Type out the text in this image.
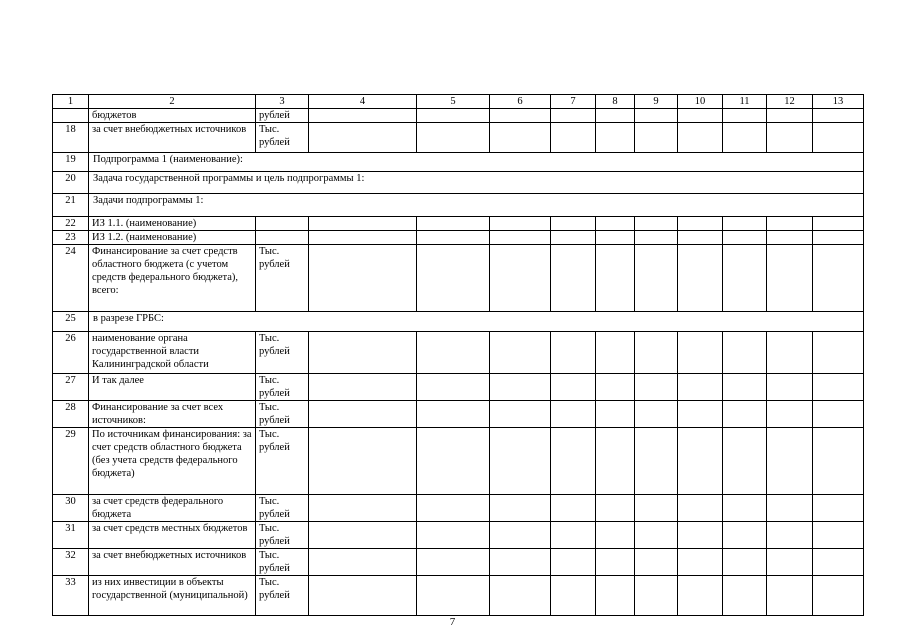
1	2	3	4	5	6	7	8	9	10	11	12	13
	бюджетов	рублей										
18	за счет внебюджетных источников	Тыс. рублей										
19	Подпрограмма 1 (наименование):											
20	Задача государственной программы и цель подпрограммы 1:											
21	Задачи подпрограммы 1:											
22	ИЗ 1.1. (наименование)											
23	ИЗ 1.2. (наименование)											
24	Финансирование за счет средств областного бюджета (с учетом средств федерального бюджета), всего:	Тыс. рублей										
25	в разрезе ГРБС:											
26	наименование органа государственной власти Калининградской области	Тыс. рублей										
27	И так далее	Тыс. рублей										
28	Финансирование за счет всех источников:	Тыс. рублей										
29	По источникам финансирования: за счет средств областного бюджета (без учета средств федерального бюджета)	Тыс. рублей										
30	за счет средств федерального бюджета	Тыс. рублей										
31	за счет средств местных бюджетов	Тыс. рублей										
32	за счет внебюджетных источников	Тыс. рублей										
33	из них инвестиции в объекты государственной (муниципальной)	Тыс. рублей										
7
